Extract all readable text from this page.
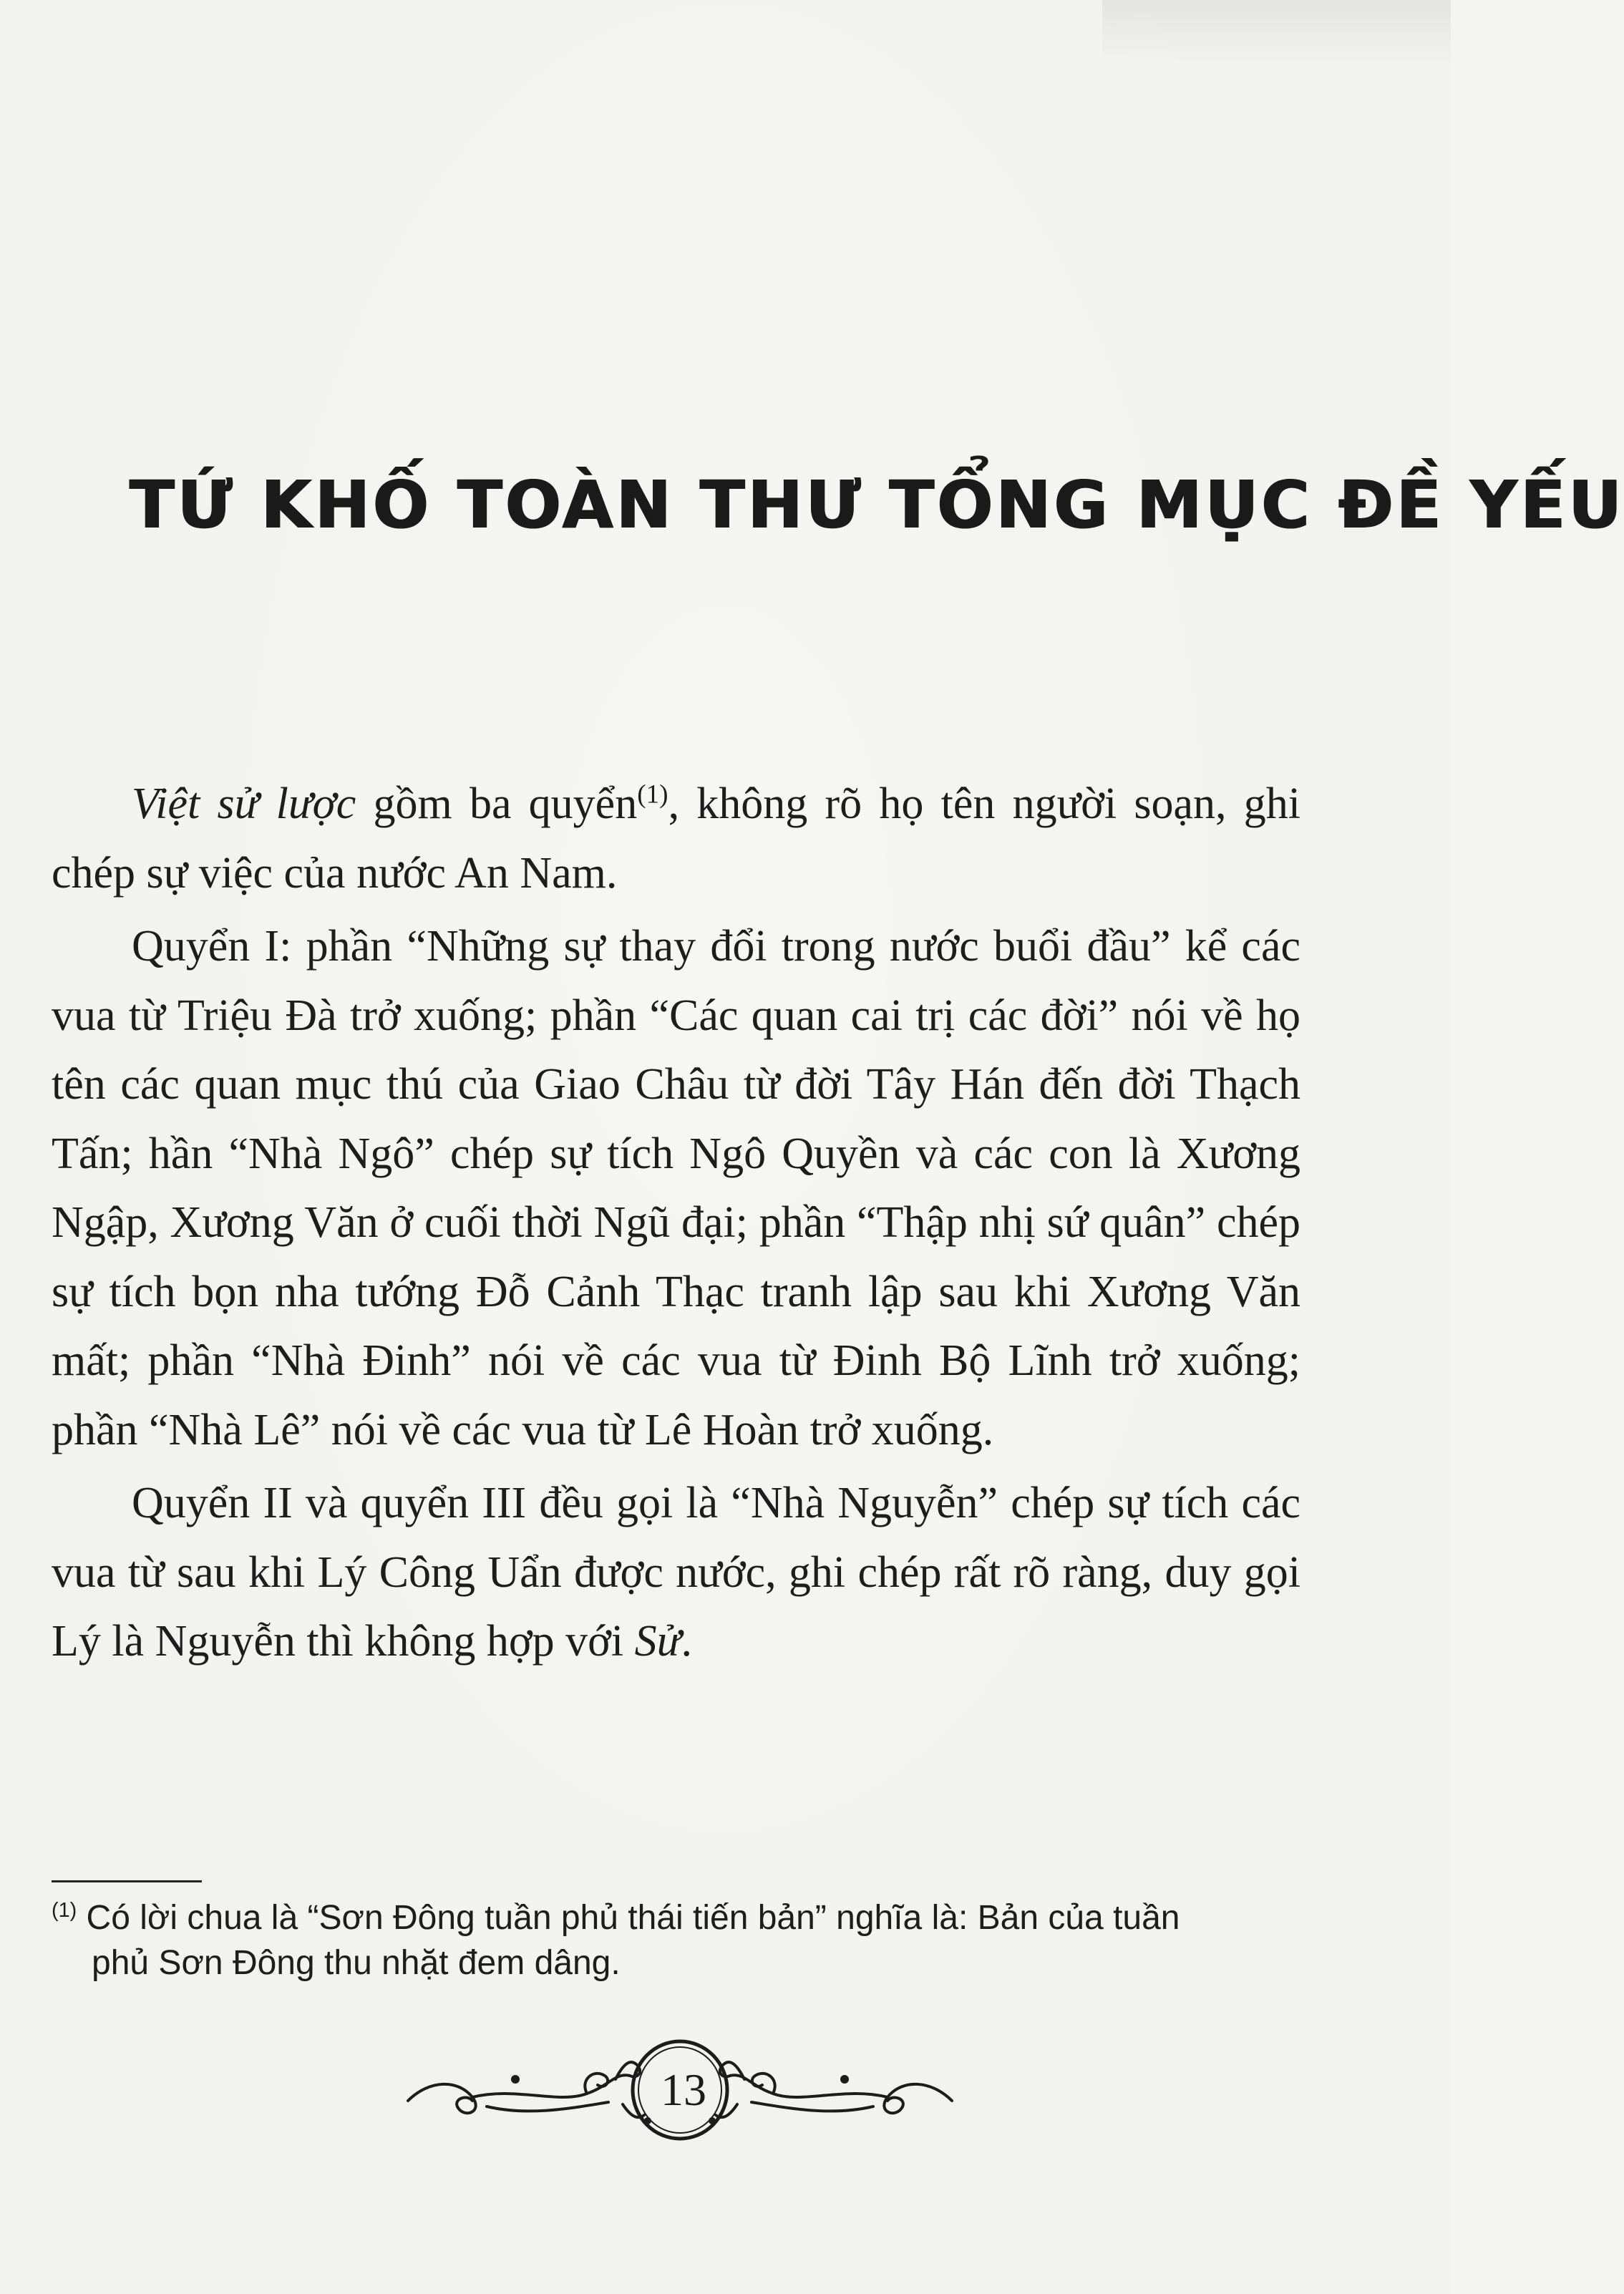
TỨ KHỐ TOÀN THƯ TỔNG MỤC ĐỀ YẾU

Việt sử lược gồm ba quyển$^{(1)}$, không rõ họ tên người soạn, ghi chép sự việc của nước An Nam.

Quyển I: phần “Những sự thay đổi trong nước buổi đầu” kể các vua từ Triệu Đà trở xuống; phần “Các quan cai trị các đời” nói về họ tên các quan mục thú của Giao Châu từ đời Tây Hán đến đời Thạch Tấn; hần “Nhà Ngô” chép sự tích Ngô Quyền và các con là Xương Ngập, Xương Văn ở cuối thời Ngũ đại; phần “Thập nhị sứ quân” chép sự tích bọn nha tướng Đỗ Cảnh Thạc tranh lập sau khi Xương Văn mất; phần “Nhà Đinh” nói về các vua từ Đinh Bộ Lĩnh trở xuống; phần “Nhà Lê” nói về các vua từ Lê Hoàn trở xuống.

Quyển II và quyển III đều gọi là “Nhà Nguyễn” chép sự tích các vua từ sau khi Lý Công Uẩn được nước, ghi chép rất rõ ràng, duy gọi Lý là Nguyễn thì không hợp với Sử.

$^{(1)}$ Có lời chua là “Sơn Đông tuần phủ thái tiến bản” nghĩa là: Bản của tuần
phủ Sơn Đông thu nhặt đem dâng.
13
